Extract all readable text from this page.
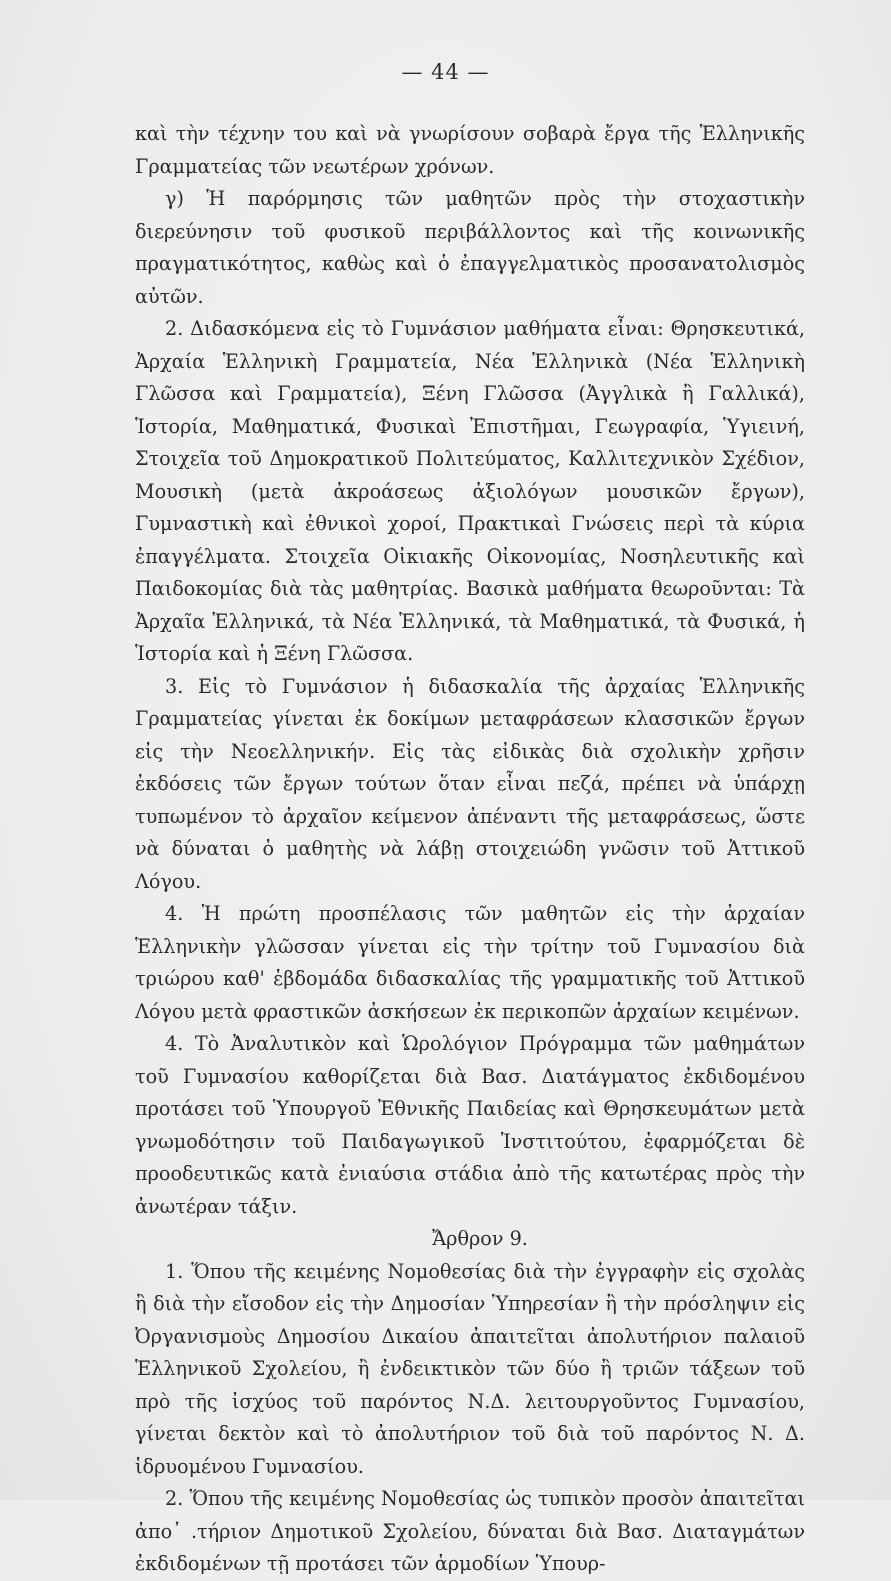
— 44 —

καὶ τὴν τέχνην του καὶ νὰ γνωρίσουν σοβαρὰ ἔργα τῆς Ἑλληνικῆς Γραμματείας τῶν νεωτέρων χρόνων.

γ) Ἡ παρόρμησις τῶν μαθητῶν πρὸς τὴν στοχαστικὴν διερεύνησιν τοῦ φυσικοῦ περιβάλλοντος καὶ τῆς κοινωνικῆς πραγματικότητος, καθὼς καὶ ὁ ἐπαγγελματικὸς προσανατολισμὸς αὐτῶν.

2. Διδασκόμενα εἰς τὸ Γυμνάσιον μαθήματα εἶναι: Θρησκευτικά, Ἀρχαία Ἑλληνικὴ Γραμματεία, Νέα Ἑλληνικὰ (Νέα Ἑλληνικὴ Γλῶσσα καὶ Γραμματεία), Ξένη Γλῶσσα (Ἀγγλικὰ ἢ Γαλλικά), Ἱστορία, Μαθηματικά, Φυσικαὶ Ἐπιστῆμαι, Γεωγραφία, Ὑγιεινή, Στοιχεῖα τοῦ Δημοκρατικοῦ Πολιτεύματος, Καλλιτεχνικὸν Σχέδιον, Μουσικὴ (μετὰ ἀκροάσεως ἀξιολόγων μουσικῶν ἔργων), Γυμναστικὴ καὶ ἐθνικοὶ χοροί, Πρακτικαὶ Γνώσεις περὶ τὰ κύρια ἐπαγγέλματα. Στοιχεῖα Οἰκιακῆς Οἰκονομίας, Νοσηλευτικῆς καὶ Παιδοκομίας διὰ τὰς μαθητρίας. Βασικὰ μαθήματα θεωροῦνται: Τὰ Ἀρχαῖα Ἑλληνικά, τὰ Νέα Ἑλληνικά, τὰ Μαθηματικά, τὰ Φυσικά, ἡ Ἱστορία καὶ ἡ Ξένη Γλῶσσα.

3. Εἰς τὸ Γυμνάσιον ἡ διδασκαλία τῆς ἀρχαίας Ἑλληνικῆς Γραμματείας γίνεται ἐκ δοκίμων μεταφράσεων κλασσικῶν ἔργων εἰς τὴν Νεοελληνικήν. Εἰς τὰς εἰδικὰς διὰ σχολικὴν χρῆσιν ἐκδόσεις τῶν ἔργων τούτων ὅταν εἶναι πεζά, πρέπει νὰ ὑπάρχῃ τυπωμένον τὸ ἀρχαῖον κείμενον ἀπέναντι τῆς μεταφράσεως, ὥστε νὰ δύναται ὁ μαθητὴς νὰ λάβῃ στοιχειώδη γνῶσιν τοῦ Ἀττικοῦ Λόγου.

4. Ἡ πρώτη προσπέλασις τῶν μαθητῶν εἰς τὴν ἀρχαίαν Ἑλληνικὴν γλῶσσαν γίνεται εἰς τὴν τρίτην τοῦ Γυμνασίου διὰ τριώρου καθ' ἑβδομάδα διδασκαλίας τῆς γραμματικῆς τοῦ Ἀττικοῦ Λόγου μετὰ φραστικῶν ἀσκήσεων ἐκ περικοπῶν ἀρχαίων κειμένων.

4. Τὸ Ἀναλυτικὸν καὶ Ὡρολόγιον Πρόγραμμα τῶν μαθημάτων τοῦ Γυμνασίου καθορίζεται διὰ Βασ. Διατάγματος ἐκδιδομένου προτάσει τοῦ Ὑπουργοῦ Ἐθνικῆς Παιδείας καὶ Θρησκευμάτων μετὰ γνωμοδότησιν τοῦ Παιδαγωγικοῦ Ἰνστιτούτου, ἐφαρμόζεται δὲ προοδευτικῶς κατὰ ἐνιαύσια στάδια ἀπὸ τῆς κατωτέρας πρὸς τὴν ἀνωτέραν τάξιν.

Ἄρθρον 9.

1. Ὅπου τῆς κειμένης Νομοθεσίας διὰ τὴν ἐγγραφὴν εἰς σχολὰς ἢ διὰ τὴν εἴσοδον εἰς τὴν Δημοσίαν Ὑπηρεσίαν ἢ τὴν πρόσληψιν εἰς Ὀργανισμοὺς Δημοσίου Δικαίου ἀπαιτεῖται ἀπολυτήριον παλαιοῦ Ἑλληνικοῦ Σχολείου, ἢ ἐνδεικτικὸν τῶν δύο ἢ τριῶν τάξεων τοῦ πρὸ τῆς ἰσχύος τοῦ παρόντος Ν.Δ. λειτουργοῦντος Γυμνασίου, γίνεται δεκτὸν καὶ τὸ ἀπολυτήριον τοῦ διὰ τοῦ παρόντος Ν. Δ. ἱδρυομένου Γυμνασίου.

2. Ὅπου τῆς κειμένης Νομοθεσίας ὡς τυπικὸν προσὸν ἀπαιτεῖται ἀπο᾿ .τήριον Δημοτικοῦ Σχολείου, δύναται διὰ Βασ. Διαταγμάτων ἐκδιδομένων τῇ προτάσει τῶν ἁρμοδίων Ὑπουρ-
